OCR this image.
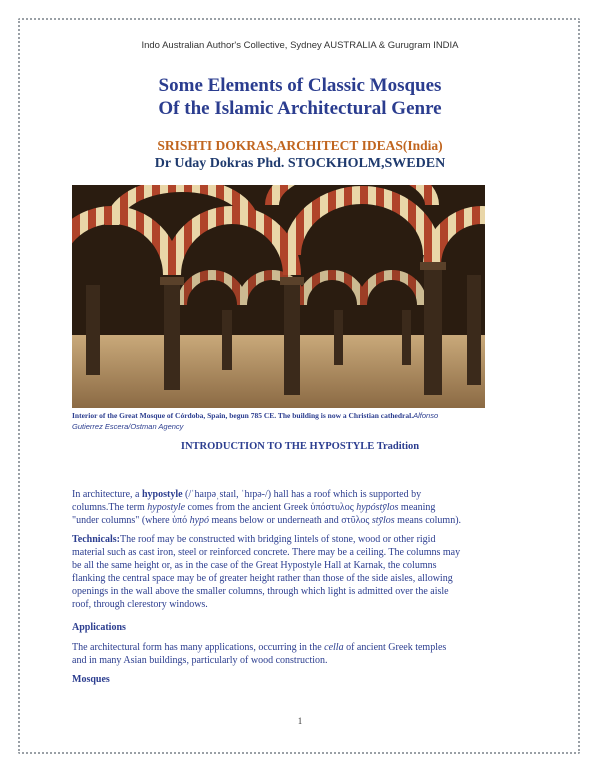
Indo Australian Author's Collective, Sydney AUSTRALIA & Gurugram INDIA
Some Elements of Classic Mosques
Of the Islamic Architectural Genre
SRISHTI DOKRAS,ARCHITECT IDEAS(India)
Dr Uday Dokras Phd. STOCKHOLM,SWEDEN
Interior of the Great Mosque of Córdoba, Spain, begun 785 CE. The building is now a Christian cathedral.Alfonso
Gutierrez Escera/Ostman Agency
INTRODUCTION TO THE HYPOSTYLE Tradition
In architecture, a hypostyle (/ˈhaɪpəˌstaɪl, ˈhɪpə-/) hall has a roof which is supported by
columns.The term hypostyle comes from the ancient Greek ὑπόστυλος hypóstȳlos meaning
"under columns" (where ὑπό hypó means below or underneath and στῦλος stȳlos means column).
Technicals:The roof may be constructed with bridging lintels of stone, wood or other rigid
material such as cast iron, steel or reinforced concrete. There may be a ceiling. The columns may
be all the same height or, as in the case of the Great Hypostyle Hall at Karnak, the columns
flanking the central space may be of greater height rather than those of the side aisles, allowing
openings in the wall above the smaller columns, through which light is admitted over the aisle
roof, through clerestory windows.
Applications
The architectural form has many applications, occurring in the cella of ancient Greek temples
and in many Asian buildings, particularly of wood construction.
Mosques
1
